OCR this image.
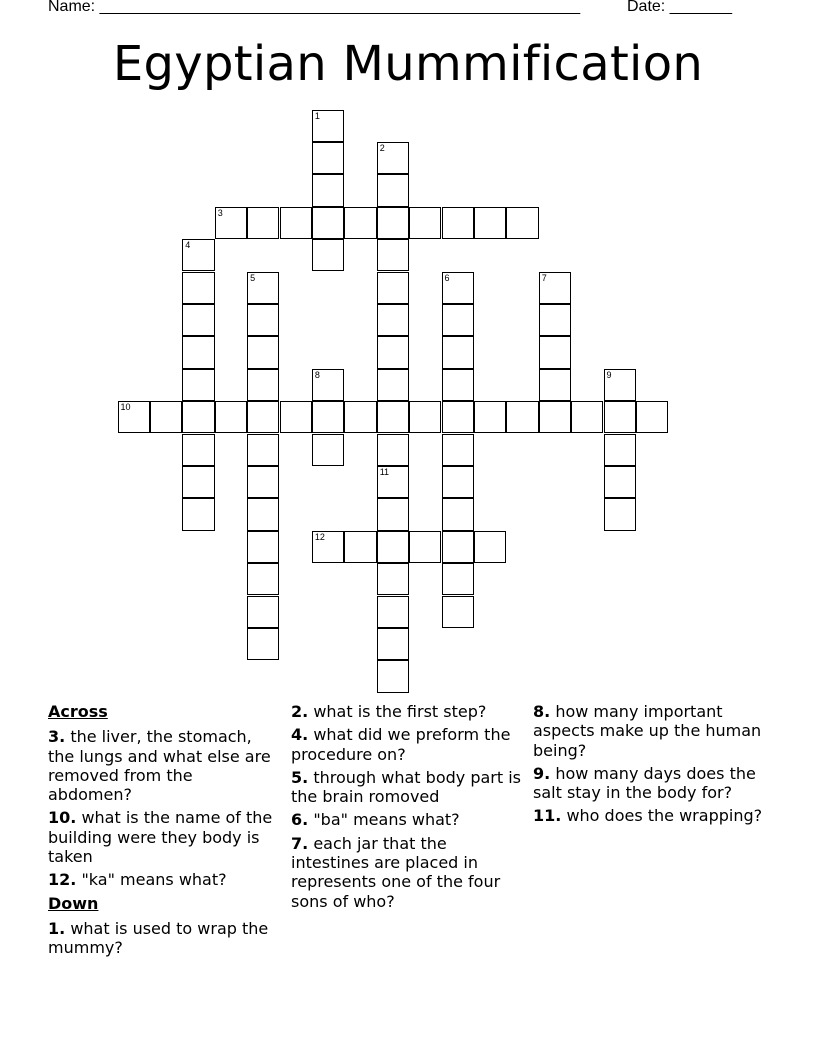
Name: ______________________________________________________	Date: _______
Egyptian Mummification
1
2
3
4
5	6	7
8	9
10
11
12
Across
3. the liver, the stomach, the lungs and what else are removed from the abdomen?
10. what is the name of the building were they body is taken
12. "ka" means what?
Down
1. what is used to wrap the mummy?
2. what is the first step?
4. what did we preform the procedure on?
5. through what body part is the brain romoved
6. "ba" means what?
7. each jar that the intestines are placed in represents one of the four sons of who?
8. how many important aspects make up the human being?
9. how many days does the salt stay in the body for?
11. who does the wrapping?
